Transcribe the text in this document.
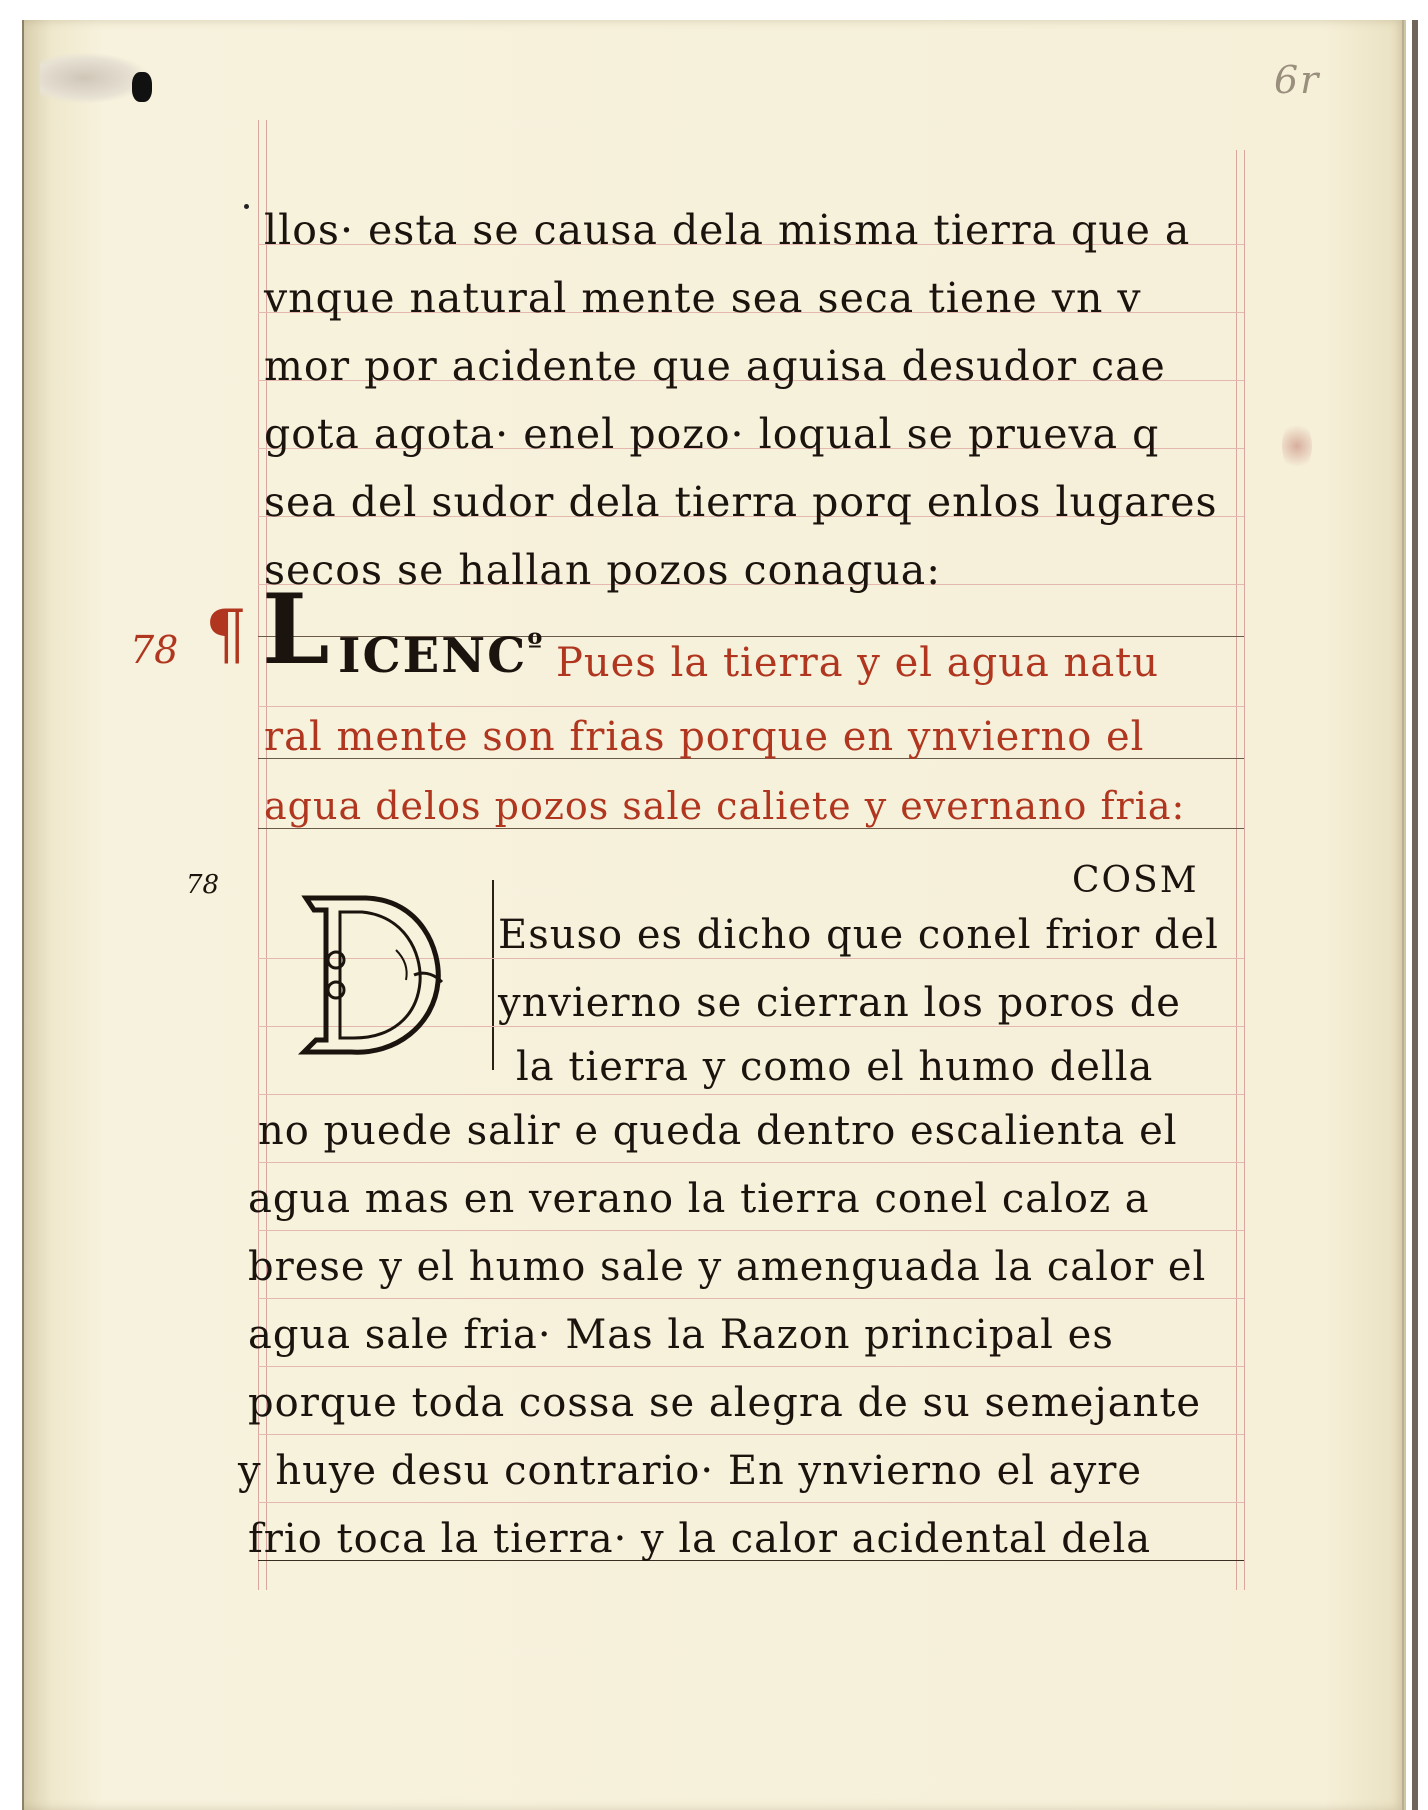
6r
llos· esta se causa dela misma tierra que a
vnque natural mente sea seca tiene vn v
mor por acidente que aguisa desudor cae
gota agota· enel pozo· loqual se prueva q
sea del sudor dela tierra porq enlos lugares
secos se hallan pozos conagua:
78 ¶ L $ICENC^º$ Pues la tierra y el agua natu
ral mente son frias porque en ynvierno el
agua delos pozos sale caliete y evernano fria:
78	COSM
Esuso es dicho que conel frior del
ynvierno se cierran los poros de
la tierra y como el humo della
no puede salir e queda dentro escalienta el
agua mas en verano la tierra conel caloz a
brese y el humo sale y amenguada la calor el
agua sale fria· Mas la Razon principal es
porque toda cossa se alegra de su semejante
y huye desu contrario· En ynvierno el ayre
frio toca la tierra· y la calor acidental dela
